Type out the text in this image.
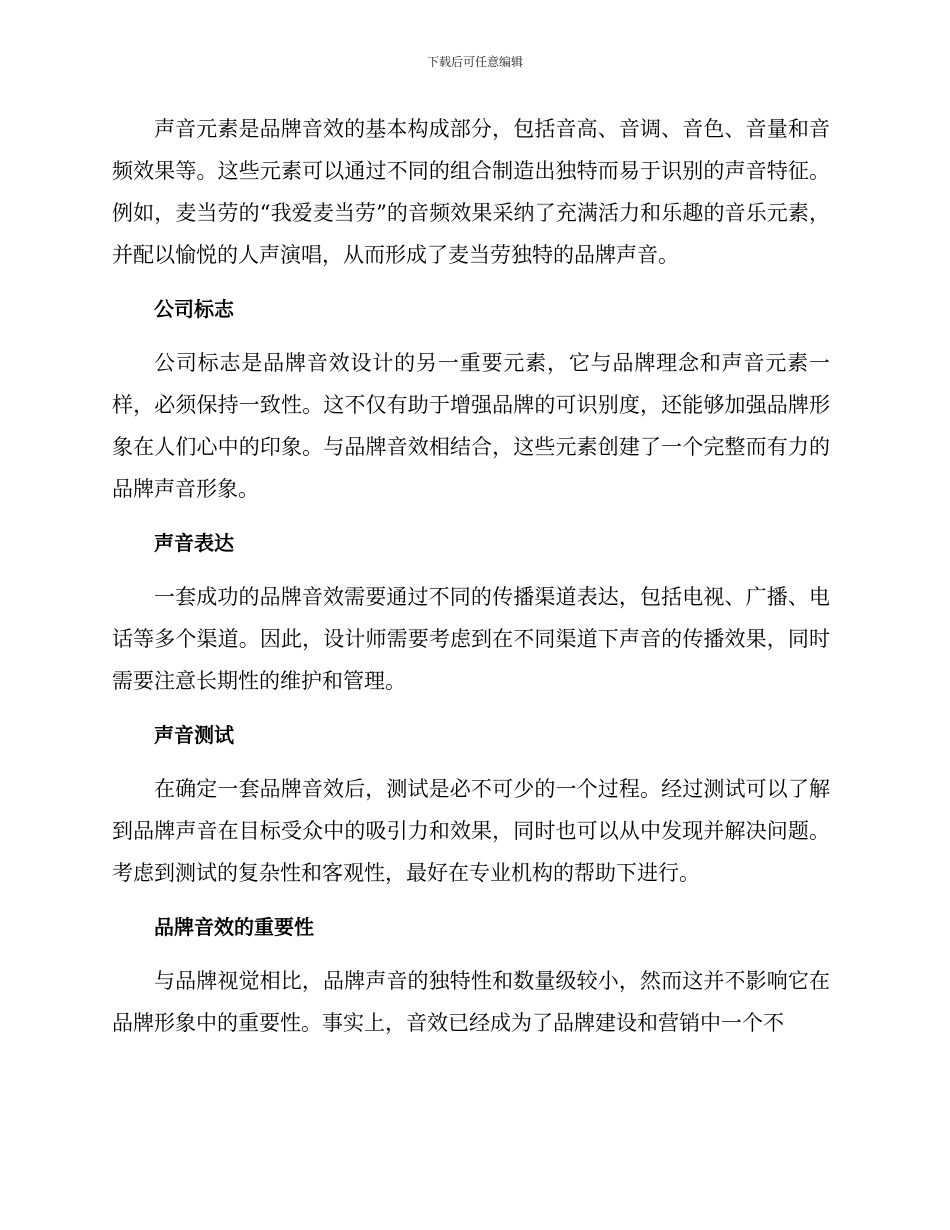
下载后可任意编辑

声音元素是品牌音效的基本构成部分，包括音高、音调、音色、音量和音频效果等。这些元素可以通过不同的组合制造出独特而易于识别的声音特征。例如，麦当劳的“我爱麦当劳”的音频效果采纳了充满活力和乐趣的音乐元素，并配以愉悦的人声演唱，从而形成了麦当劳独特的品牌声音。

公司标志

公司标志是品牌音效设计的另一重要元素，它与品牌理念和声音元素一样，必须保持一致性。这不仅有助于增强品牌的可识别度，还能够加强品牌形象在人们心中的印象。与品牌音效相结合，这些元素创建了一个完整而有力的品牌声音形象。

声音表达

一套成功的品牌音效需要通过不同的传播渠道表达，包括电视、广播、电话等多个渠道。因此，设计师需要考虑到在不同渠道下声音的传播效果，同时需要注意长期性的维护和管理。

声音测试

在确定一套品牌音效后，测试是必不可少的一个过程。经过测试可以了解到品牌声音在目标受众中的吸引力和效果，同时也可以从中发现并解决问题。考虑到测试的复杂性和客观性，最好在专业机构的帮助下进行。

品牌音效的重要性

与品牌视觉相比，品牌声音的独特性和数量级较小，然而这并不影响它在品牌形象中的重要性。事实上，音效已经成为了品牌建设和营销中一个不
